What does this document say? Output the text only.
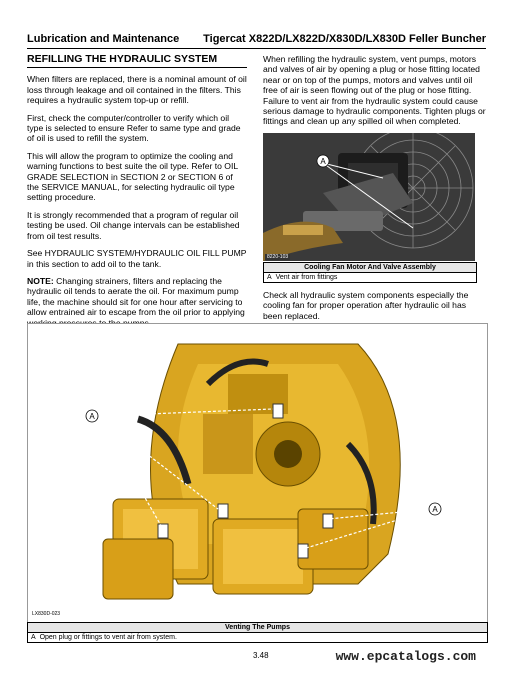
Lubrication and Maintenance Tigercat X822D/LX822D/X830D/LX830D Feller Buncher
REFILLING THE HYDRAULIC SYSTEM

When filters are replaced, there is a nominal amount of oil loss through leakage and oil contained in the filters. This requires a hydraulic system top-up or refill.

First, check the computer/controller to verify which oil type is selected to ensure Refer to same type and grade of oil is used to refill the system.

This will allow the program to optimize the cooling and warning functions to best suite the oil type. Refer to OIL GRADE SELECTION in SECTION 2 or SECTION 6 of the SERVICE MANUAL, for selecting hydraulic oil type setting procedure.

It is strongly recommended that a program of regular oil testing be used. Oil change intervals can be established from oil test results.

See HYDRAULIC SYSTEM/HYDRAULIC OIL FILL PUMP in this section to add oil to the tank.

NOTE: Changing strainers, filters and replacing the hydraulic oil tends to aerate the oil. For maximum pump life, the machine should sit for one hour after servicing to allow entrained air to escape from the oil prior to applying

When refilling the hydraulic system, vent pumps, motors and valves of air by opening a plug or hose fitting located near or on top of the pumps, motors and valves until oil free of air is seen flowing out of the plug or hose fitting. Failure to vent air from the hydraulic system could cause serious damage to hydraulic components. Tighten plugs or fittings and clean up any spilled oil when completed.

A
8220-103
Cooling Fan Motor And Valve Assembly
A Vent air from fittings
Check all hydraulic system components especially the cooling fan for proper operation after hydraulic oil has been replaced.
A
A
LX830D-023
Venting The Pumps
A Open plug or fittings to vent air from system.
3.48	www.epcatalogs.com
